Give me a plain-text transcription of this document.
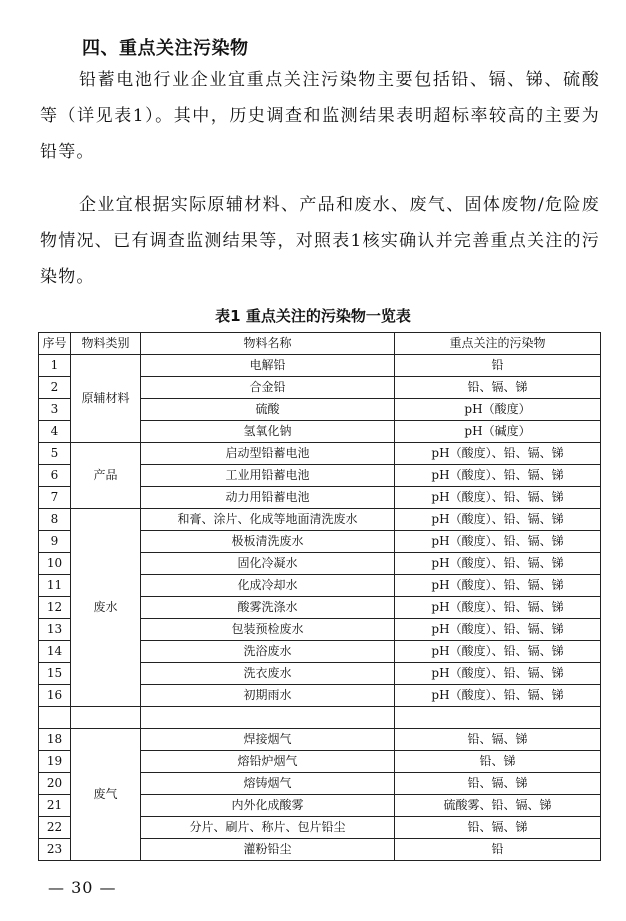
四、重点关注污染物

铅蓄电池行业企业宜重点关注污染物主要包括铅、镉、锑、硫酸等（详见表1）。其中，历史调查和监测结果表明超标率较高的主要为铅等。

企业宜根据实际原辅材料、产品和废水、废气、固体废物/危险废物情况、已有调查监测结果等，对照表1核实确认并完善重点关注的污染物。

表1 重点关注的污染物一览表
序号	物料类别	物料名称	重点关注的污染物
1	原辅材料	电解铅	铅
2		合金铅	铅、镉、锑
3		硫酸	pH（酸度）
4		氢氧化钠	pH（碱度）
5	产品	启动型铅蓄电池	pH（酸度）、铅、镉、锑
6		工业用铅蓄电池	pH（酸度）、铅、镉、锑
7		动力用铅蓄电池	pH（酸度）、铅、镉、锑
8	废水	和膏、涂片、化成等地面清洗废水	pH（酸度）、铅、镉、锑
9		极板清洗废水	pH（酸度）、铅、镉、锑
10		固化冷凝水	pH（酸度）、铅、镉、锑
11		化成冷却水	pH（酸度）、铅、镉、锑
12		酸雾洗涤水	pH（酸度）、铅、镉、锑
13		包装预检废水	pH（酸度）、铅、镉、锑
14		洗浴废水	pH（酸度）、铅、镉、锑
15		洗衣废水	pH（酸度）、铅、镉、锑
16		初期雨水	pH（酸度）、铅、镉、锑

18	废气	焊接烟气	铅、镉、锑
19		熔铅炉烟气	铅、锑
20		熔铸烟气	铅、镉、锑
21		内外化成酸雾	硫酸雾、铅、镉、锑
22		分片、刷片、称片、包片铅尘	铅、镉、锑
23		灌粉铅尘	铅
— 30 —
